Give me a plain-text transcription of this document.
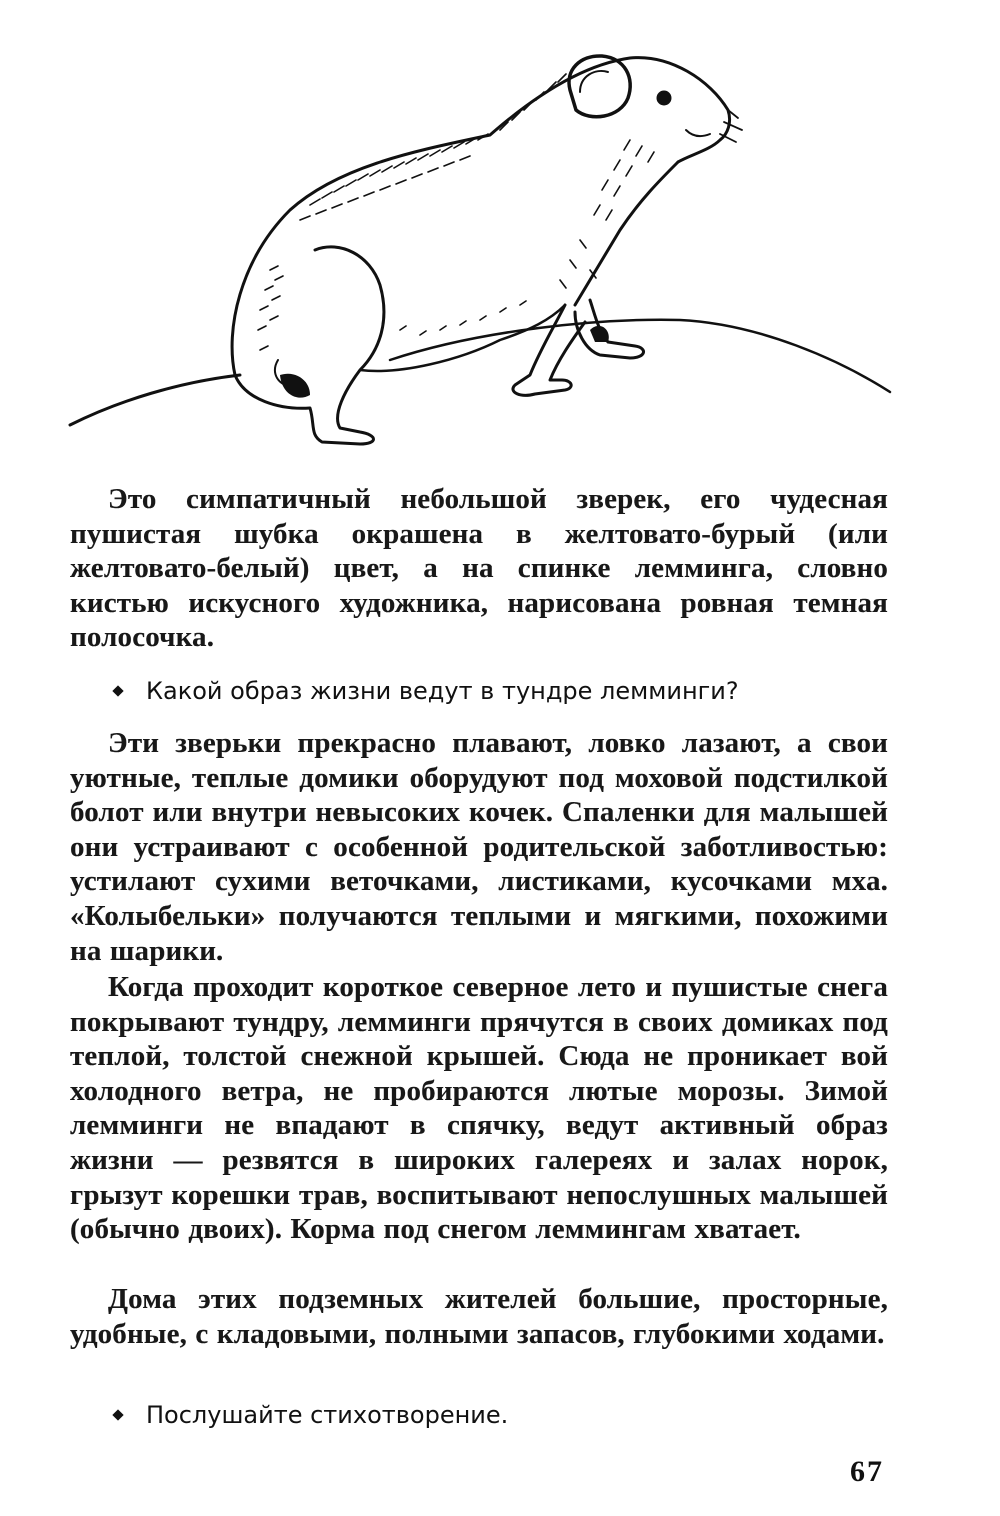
Это симпатичный небольшой зверек, его чудесная пушистая шубка окрашена в желтовато-бурый (или желтовато-белый) цвет, а на спинке лемминга, словно кистью искусного художника, нарисована ровная темная полосочка.

Какой образ жизни ведут в тундре лемминги?

Эти зверьки прекрасно плавают, ловко лазают, а свои уютные, теплые домики оборудуют под моховой подстилкой болот или внутри невысоких кочек. Спаленки для малышей они устраивают с особенной родительской заботливостью: устилают сухими веточками, листиками, кусочками мха. «Колыбельки» получаются теплыми и мягкими, похожими на шарики.

Когда проходит короткое северное лето и пушистые снега покрывают тундру, лемминги прячутся в своих домиках под теплой, толстой снежной крышей. Сюда не проникает вой холодного ветра, не пробираются лютые морозы. Зимой лемминги не впадают в спячку, ведут активный образ жизни — резвятся в широких галереях и залах норок, грызут корешки трав, воспитывают непослушных малышей (обычно двоих). Корма под снегом леммингам хватает.

Дома этих подземных жителей большие, просторные, удобные, с кладовыми, полными запасов, глубокими ходами.

Послушайте стихотворение.
67
